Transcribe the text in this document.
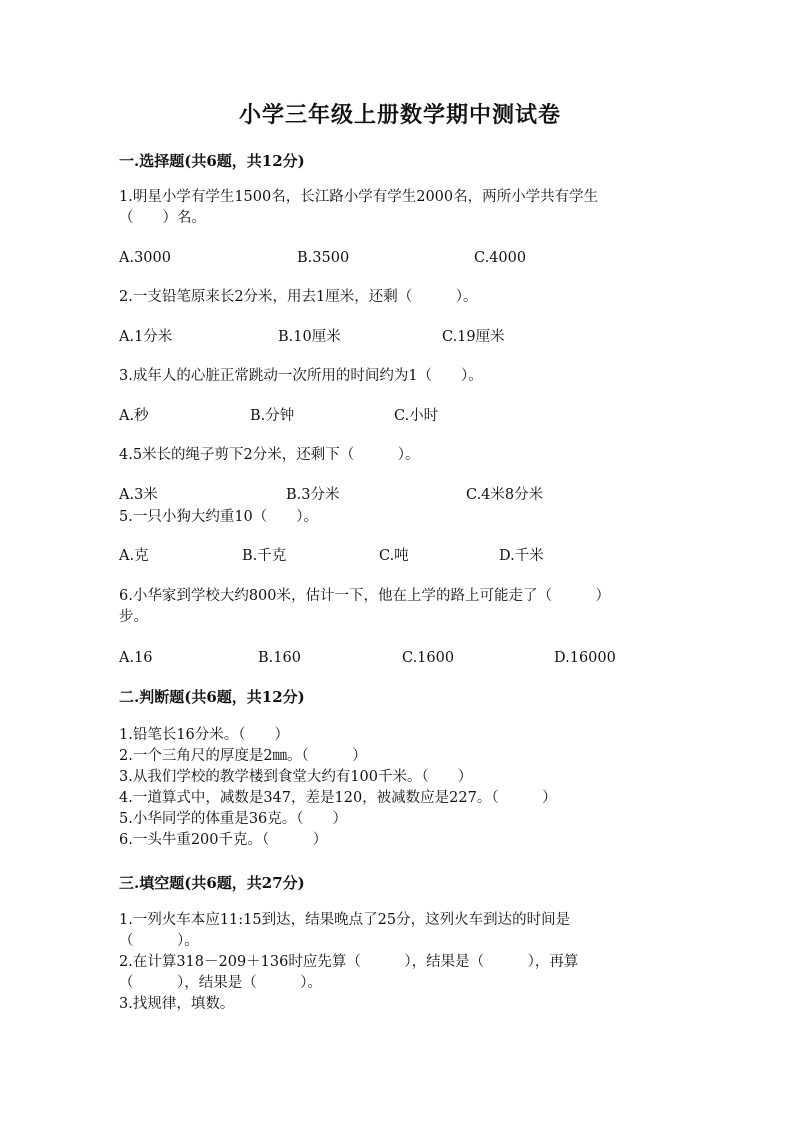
小学三年级上册数学期中测试卷
一.选择题(共6题，共12分)
1.明星小学有学生1500名，长江路小学有学生2000名，两所小学共有学生
（　　）名。
A.3000	B.3500	C.4000
2.一支铅笔原来长2分米，用去1厘米，还剩（　　　）。
A.1分米	B.10厘米	C.19厘米
3.成年人的心脏正常跳动一次所用的时间约为1（　　）。
A.秒	B.分钟	C.小时
4.5米长的绳子剪下2分米，还剩下（　　　）。
A.3米	B.3分米	C.4米8分米
5.一只小狗大约重10（　　）。
A.克	B.千克	C.吨	D.千米
6.小华家到学校大约800米，估计一下，他在上学的路上可能走了（　　　）
步。
A.16	B.160	C.1600	D.16000
二.判断题(共6题，共12分)
1.铅笔长16分米。（　　）
2.一个三角尺的厚度是2㎜。（　　　）
3.从我们学校的教学楼到食堂大约有100千米。（　　）
4.一道算式中，减数是347，差是120，被减数应是227。（　　　）
5.小华同学的体重是36克。（　　）
6.一头牛重200千克。（　　　）
三.填空题(共6题，共27分)
1.一列火车本应11:15到达，结果晚点了25分，这列火车到达的时间是
（　　　）。
2.在计算318－209＋136时应先算（　　　），结果是（　　　），再算
（　　　），结果是（　　　）。
3.找规律，填数。
